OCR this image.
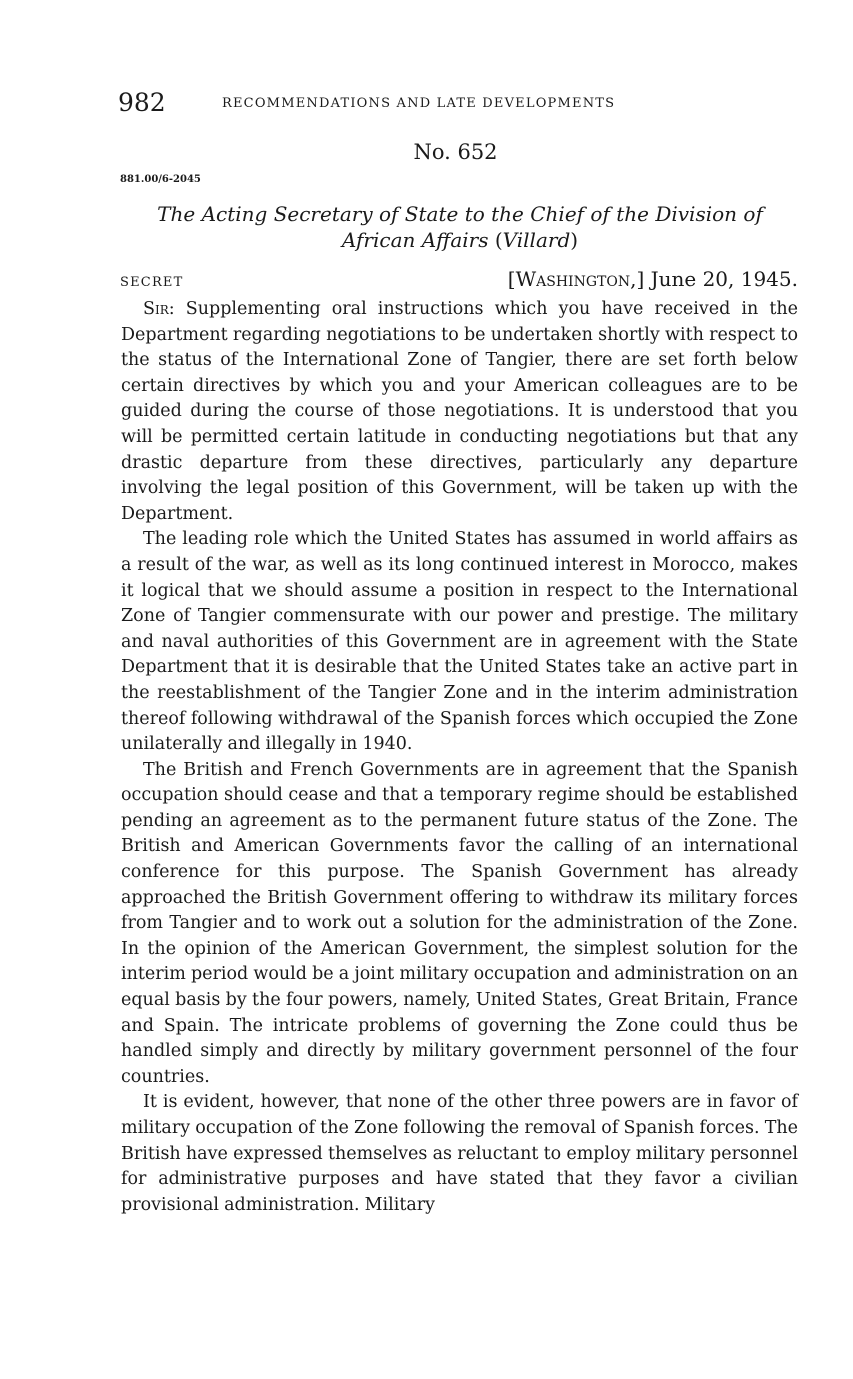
982	RECOMMENDATIONS AND LATE DEVELOPMENTS
No. 652
881.00/6-2045
The Acting Secretary of State to the Chief of the Division of African Affairs (Villard)
SECRET	[Washington,] June 20, 1945.

Sir: Supplementing oral instructions which you have received in the Department regarding negotiations to be undertaken shortly with respect to the status of the International Zone of Tangier, there are set forth below certain directives by which you and your American colleagues are to be guided during the course of those negotiations. It is understood that you will be permitted certain latitude in conducting negotiations but that any drastic departure from these directives, particularly any departure involving the legal position of this Government, will be taken up with the Department.

The leading role which the United States has assumed in world affairs as a result of the war, as well as its long continued interest in Morocco, makes it logical that we should assume a position in respect to the International Zone of Tangier commensurate with our power and prestige. The military and naval authorities of this Government are in agreement with the State Department that it is desirable that the United States take an active part in the reestablishment of the Tangier Zone and in the interim administration thereof following withdrawal of the Spanish forces which occupied the Zone unilaterally and illegally in 1940.

The British and French Governments are in agreement that the Spanish occupation should cease and that a temporary regime should be established pending an agreement as to the permanent future status of the Zone. The British and American Governments favor the calling of an international conference for this purpose. The Spanish Government has already approached the British Government offering to withdraw its military forces from Tangier and to work out a solution for the administration of the Zone. In the opinion of the American Government, the simplest solution for the interim period would be a joint military occupation and administration on an equal basis by the four powers, namely, United States, Great Britain, France and Spain. The intricate problems of governing the Zone could thus be handled simply and directly by military government personnel of the four countries.

It is evident, however, that none of the other three powers are in favor of military occupation of the Zone following the removal of Spanish forces. The British have expressed themselves as reluctant to employ military personnel for administrative purposes and have stated that they favor a civilian provisional administration. Military
